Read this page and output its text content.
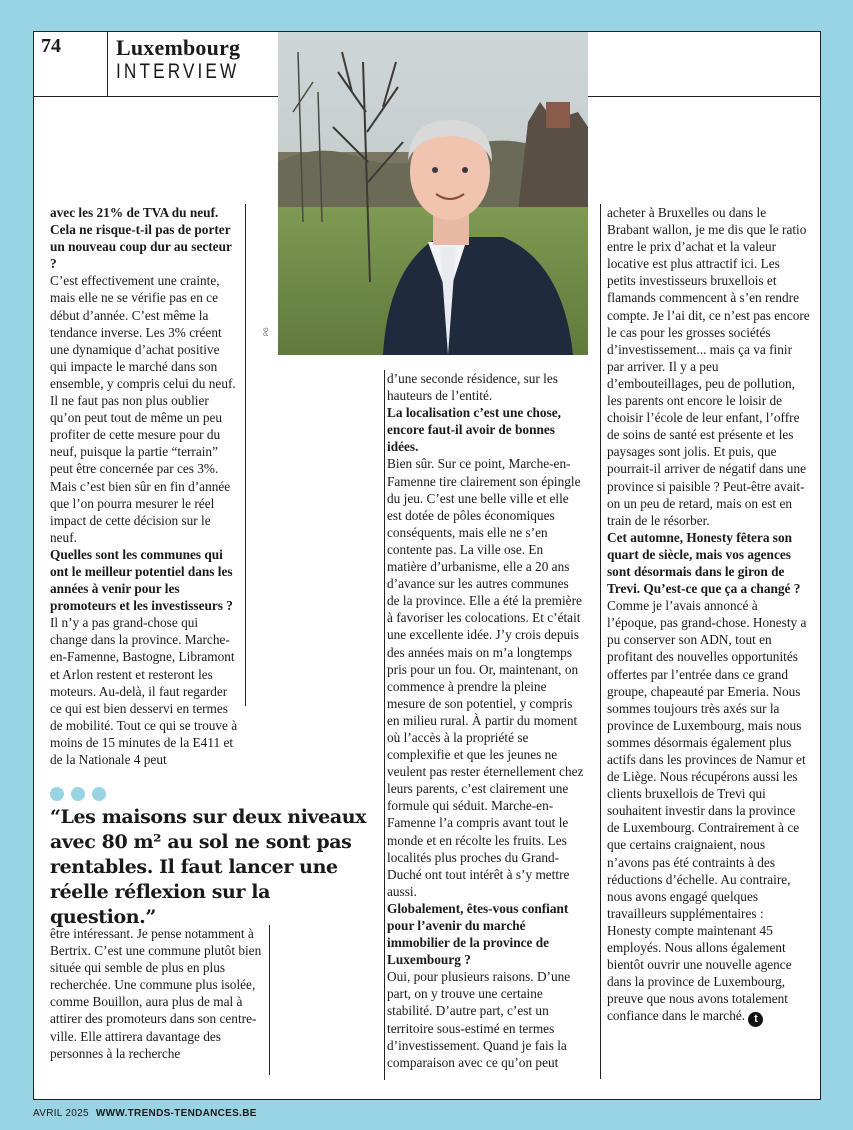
74	Luxembourg
INTERVIEW
PG

avec les 21% de TVA du neuf. Cela ne risque-t-il pas de porter un nouveau coup dur au secteur ?

C’est effectivement une crainte, mais elle ne se vérifie pas en ce début d’année. C’est même la tendance inverse. Les 3% créent une dynamique d’achat positive qui impacte le marché dans son ensemble, y compris celui du neuf. Il ne faut pas non plus oublier qu’on peut tout de même un peu profiter de cette mesure pour du neuf, puisque la partie “terrain” peut être concernée par ces 3%. Mais c’est bien sûr en fin d’année que l’on pourra mesurer le réel impact de cette décision sur le neuf.

Quelles sont les communes qui ont le meilleur potentiel dans les années à venir pour les promoteurs et les investisseurs ?

Il n’y a pas grand-chose qui change dans la province. Marche-en-Famenne, Bastogne, Libramont et Arlon restent et resteront les moteurs. Au-delà, il faut regarder ce qui est bien desservi en termes de mobilité. Tout ce qui se trouve à moins de 15 minutes de la E411 et de la Nationale 4 peut

“Les maisons sur deux niveaux avec 80 m² au sol ne sont pas rentables. Il faut lancer une réelle réflexion sur la question.”

être intéressant. Je pense notamment à Bertrix. C’est une commune plutôt bien située qui semble de plus en plus recherchée. Une commune plus isolée, comme Bouillon, aura plus de mal à attirer des promoteurs dans son centre-ville. Elle attirera davantage des personnes à la recherche

d’une seconde résidence, sur les hauteurs de l’entité.

La localisation c’est une chose, encore faut-il avoir de bonnes idées.

Bien sûr. Sur ce point, Marche-en-Famenne tire clairement son épingle du jeu. C’est une belle ville et elle est dotée de pôles économiques conséquents, mais elle ne s’en contente pas. La ville ose. En matière d’urbanisme, elle a 20 ans d’avance sur les autres communes de la province. Elle a été la première à favoriser les colocations. Et c’était une excellente idée. J’y crois depuis des années mais on m’a longtemps pris pour un fou. Or, maintenant, on commence à prendre la pleine mesure de son potentiel, y compris en milieu rural. À partir du moment où l’accès à la propriété se complexifie et que les jeunes ne veulent pas rester éternellement chez leurs parents, c’est clairement une formule qui séduit. Marche-en-Famenne l’a compris avant tout le monde et en récolte les fruits. Les localités plus proches du Grand-Duché ont tout intérêt à s’y mettre aussi.

Globalement, êtes-vous confiant pour l’avenir du marché immobilier de la province de Luxembourg ?

Oui, pour plusieurs raisons. D’une part, on y trouve une certaine stabilité. D’autre part, c’est un territoire sous-estimé en termes d’investissement. Quand je fais la comparaison avec ce qu’on peut

acheter à Bruxelles ou dans le Brabant wallon, je me dis que le ratio entre le prix d’achat et la valeur locative est plus attractif ici. Les petits investisseurs bruxellois et flamands commencent à s’en rendre compte. Je l’ai dit, ce n’est pas encore le cas pour les grosses sociétés d’investissement... mais ça va finir par arriver. Il y a peu d’embouteillages, peu de pollution, les parents ont encore le loisir de choisir l’école de leur enfant, l’offre de soins de santé est présente et les paysages sont jolis. Et puis, que pourrait-il arriver de négatif dans une province si paisible ? Peut-être avait-on un peu de retard, mais on est en train de le résorber.

Cet automne, Honesty fêtera son quart de siècle, mais vos agences sont désormais dans le giron de Trevi. Qu’est-ce que ça a changé ?

Comme je l’avais annoncé à l’époque, pas grand-chose. Honesty a pu conserver son ADN, tout en profitant des nouvelles opportunités offertes par l’entrée dans ce grand groupe, chapeauté par Emeria. Nous sommes toujours très axés sur la province de Luxembourg, mais nous sommes désormais également plus actifs dans les provinces de Namur et de Liège. Nous récupérons aussi les clients bruxellois de Trevi qui souhaitent investir dans la province de Luxembourg. Contrairement à ce que certains craignaient, nous n’avons pas été contraints à des réductions d’échelle. Au contraire, nous avons engagé quelques travailleurs supplémentaires : Honesty compte maintenant 45 employés. Nous allons également bientôt ouvrir une nouvelle agence dans la province de Luxembourg, preuve que nous avons totalement confiance dans le marché. t

AVRIL 2025 WWW.TRENDS-TENDANCES.BE
